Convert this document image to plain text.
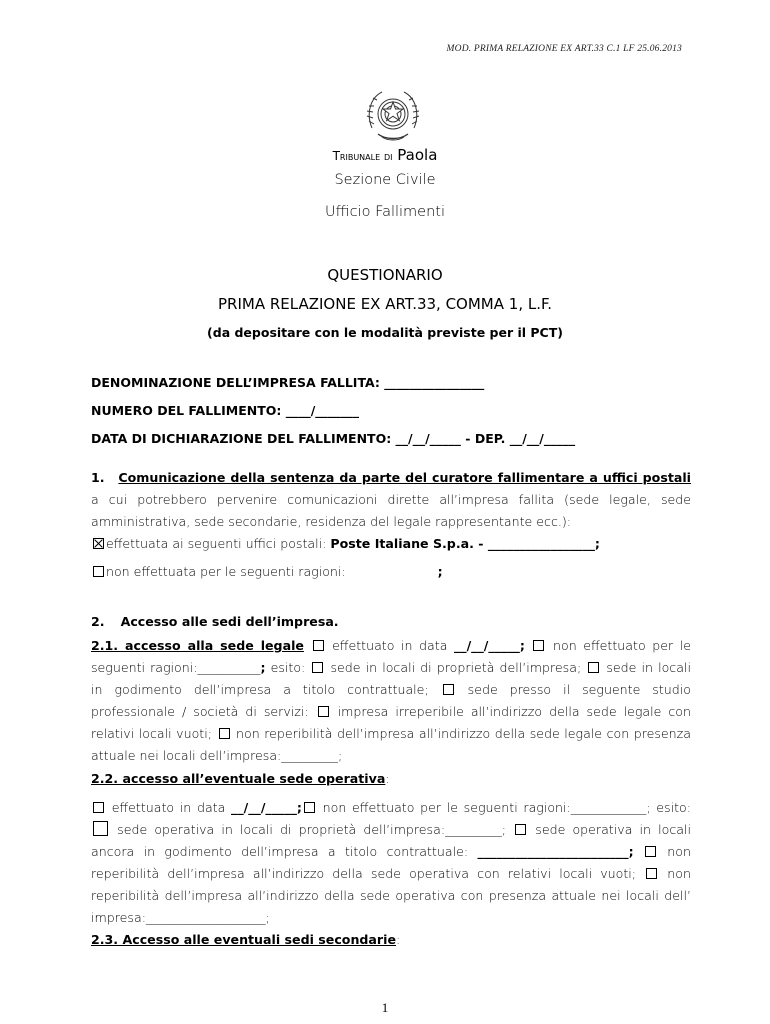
MOD. PRIMA RELAZIONE EX ART.33 C.1 LF 25.06.2013
Tribunale di Paola
Sezione Civile
Ufficio Fallimenti
QUESTIONARIO
PRIMA RELAZIONE EX ART.33, COMMA 1, L.F.
(da depositare con le modalità previste per il PCT)
DENOMINAZIONE DELL’IMPRESA FALLITA: ________________
NUMERO DEL FALLIMENTO: ____/_______
DATA DI DICHIARAZIONE DEL FALLIMENTO: __/__/_____ - DEP. __/__/_____
1. Comunicazione della sentenza da parte del curatore fallimentare a uffici postali a cui potrebbero pervenire comunicazioni dirette all’impresa fallita (sede legale, sede amministrativa, sede secondarie, residenza del legale rappresentante ecc.):
effettuata ai seguenti uffici postali: Poste Italiane S.p.a. - _________________;
non effettuata per le seguenti ragioni:	;
2. Accesso alle sedi dell’impresa.
2.1. accesso alla sede legale effettuato in data __/__/_____; non effettuato per le seguenti ragioni:__________; esito: sede in locali di proprietà dell’impresa; sede in locali in godimento dell’impresa a titolo contrattuale;	sede presso il seguente studio professionale / società di servizi: impresa irreperibile all’indirizzo della sede legale con relativi locali vuoti; non reperibilità dell’impresa all’indirizzo della sede legale con presenza attuale nei locali dell’impresa:_________;
2.2. accesso all’eventuale sede operativa:
effettuato in data __/__/_____; non effettuato per le seguenti ragioni:____________; esito:  sede operativa in locali di proprietà dell’impresa:_________; sede operativa in locali ancora in godimento dell’impresa a titolo contrattuale: ________________________;	non reperibilità dell’impresa all’indirizzo della sede operativa con relativi locali vuoti; non reperibilità dell’impresa all’indirizzo della sede operativa con presenza attuale nei locali dell’ impresa:___________________;
2.3. Accesso alle eventuali sedi secondarie:
1
